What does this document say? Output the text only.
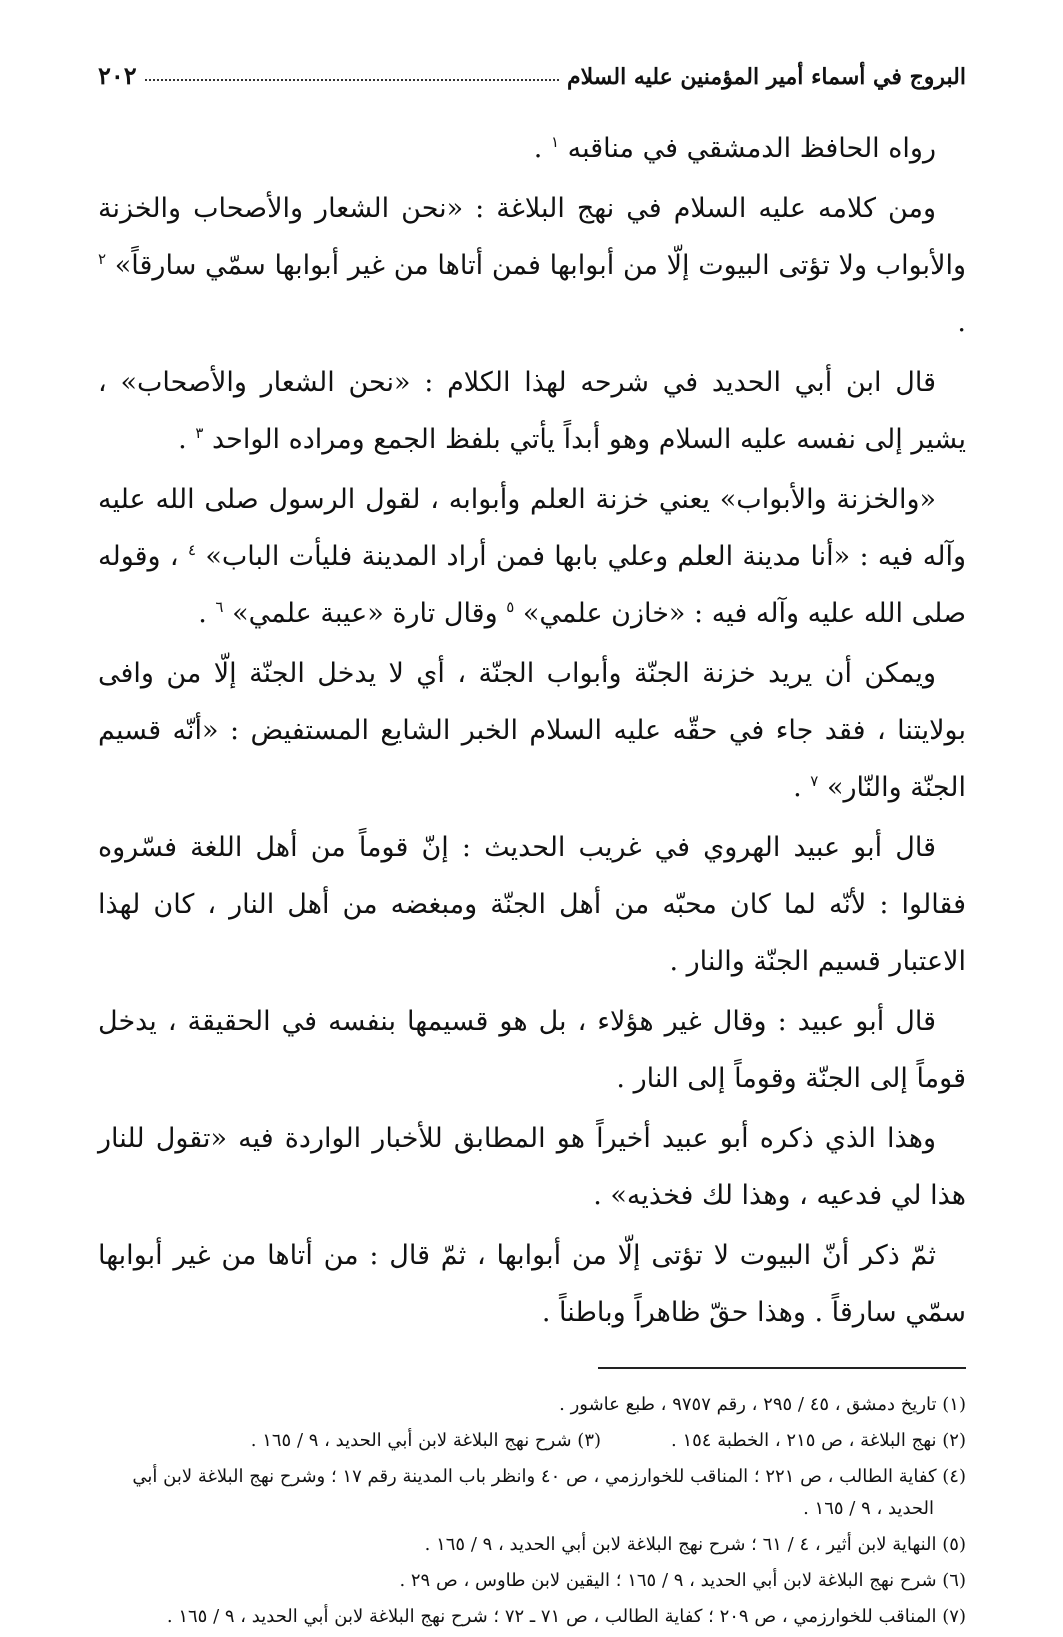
البروج في أسماء أمير المؤمنين عليه السلام
٢٠٢

رواه الحافظ الدمشقي في مناقبه $^١$ .

ومن كلامه عليه السلام في نهج البلاغة : «نحن الشعار والأصحاب والخزنة والأبواب ولا تؤتى البيوت إلّا من أبوابها فمن أتاها من غير أبوابها سمّي سارقاً» $^٢$ .

قال ابن أبي الحديد في شرحه لهذا الكلام : «نحن الشعار والأصحاب» ، يشير إلى نفسه عليه السلام وهو أبداً يأتي بلفظ الجمع ومراده الواحد $^٣$ .

«والخزنة والأبواب» يعني خزنة العلم وأبوابه ، لقول الرسول صلى الله عليه وآله فيه : «أنا مدينة العلم وعلي بابها فمن أراد المدينة فليأت الباب» $^٤$ ، وقوله صلى الله عليه وآله فيه : «خازن علمي» $^٥$ وقال تارة «عيبة علمي» $^٦$ .

ويمكن أن يريد خزنة الجنّة وأبواب الجنّة ، أي لا يدخل الجنّة إلّا من وافى بولايتنا ، فقد جاء في حقّه عليه السلام الخبر الشايع المستفيض : «أنّه قسيم الجنّة والنّار» $^٧$ .

قال أبو عبيد الهروي في غريب الحديث : إنّ قوماً من أهل اللغة فسّروه فقالوا : لأنّه لما كان محبّه من أهل الجنّة ومبغضه من أهل النار ، كان لهذا الاعتبار قسيم الجنّة والنار .

قال أبو عبيد : وقال غير هؤلاء ، بل هو قسيمها بنفسه في الحقيقة ، يدخل قوماً إلى الجنّة وقوماً إلى النار .

وهذا الذي ذكره أبو عبيد أخيراً هو المطابق للأخبار الواردة فيه «تقول للنار هذا لي فدعيه ، وهذا لك فخذيه» .

ثمّ ذكر أنّ البيوت لا تؤتى إلّا من أبوابها ، ثمّ قال : من أتاها من غير أبوابها سمّي سارقاً . وهذا حقّ ظاهراً وباطناً .

(١) تاريخ دمشق ، ٤٥ / ٢٩٥ ، رقم ٩٧٥٧ ، طبع عاشور .
(٢) نهج البلاغة ، ص ٢١٥ ، الخطبة ١٥٤ .
(٣) شرح نهج البلاغة لابن أبي الحديد ، ٩ / ١٦٥ .
(٤) كفاية الطالب ، ص ٢٢١ ؛ المناقب للخوارزمي ، ص ٤٠ وانظر باب المدينة رقم ١٧ ؛ وشرح نهج البلاغة لابن أبي الحديد ، ٩ / ١٦٥ .
(٥) النهاية لابن أثير ، ٤ / ٦١ ؛ شرح نهج البلاغة لابن أبي الحديد ، ٩ / ١٦٥ .
(٦) شرح نهج البلاغة لابن أبي الحديد ، ٩ / ١٦٥ ؛ اليقين لابن طاوس ، ص ٢٩ .
(٧) المناقب للخوارزمي ، ص ٢٠٩ ؛ كفاية الطالب ، ص ٧١ ـ ٧٢ ؛ شرح نهج البلاغة لابن أبي الحديد ، ٩ / ١٦٥ .
